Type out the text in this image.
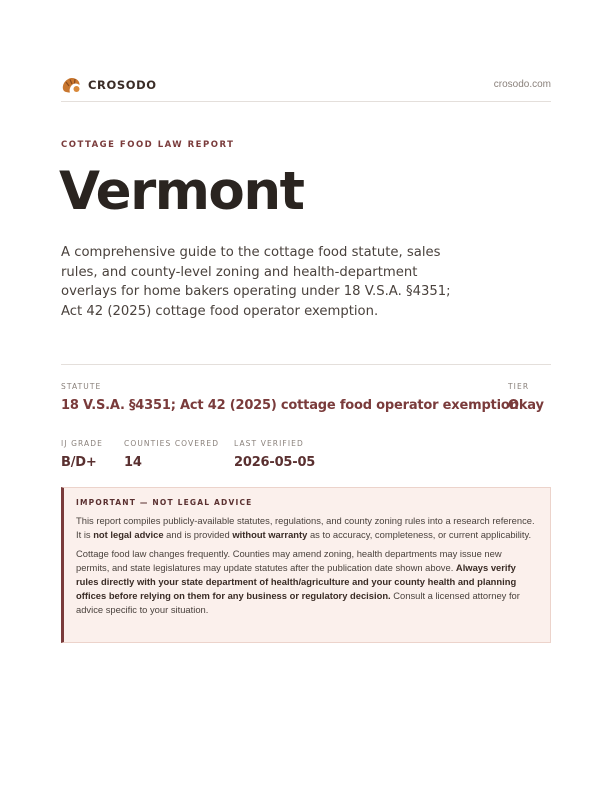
CROSODO	crosodo.com
COTTAGE FOOD LAW REPORT
Vermont

A comprehensive guide to the cottage food statute, sales rules, and county-level zoning and health-department overlays for home bakers operating under 18 V.S.A. §4351; Act 42 (2025) cottage food operator exemption.

STATUTE
18 V.S.A. §4351; Act 42 (2025) cottage food operator exemption
TIER
Okay
IJ GRADE
B/D+
COUNTIES COVERED
14
LAST VERIFIED
2026-05-05
IMPORTANT — NOT LEGAL ADVICE

This report compiles publicly-available statutes, regulations, and county zoning rules into a research reference. It is not legal advice and is provided without warranty as to accuracy, completeness, or current applicability.

Cottage food law changes frequently. Counties may amend zoning, health departments may issue new permits, and state legislatures may update statutes after the publication date shown above. Always verify rules directly with your state department of health/agriculture and your county health and planning offices before relying on them for any business or regulatory decision. Consult a licensed attorney for advice specific to your situation.
